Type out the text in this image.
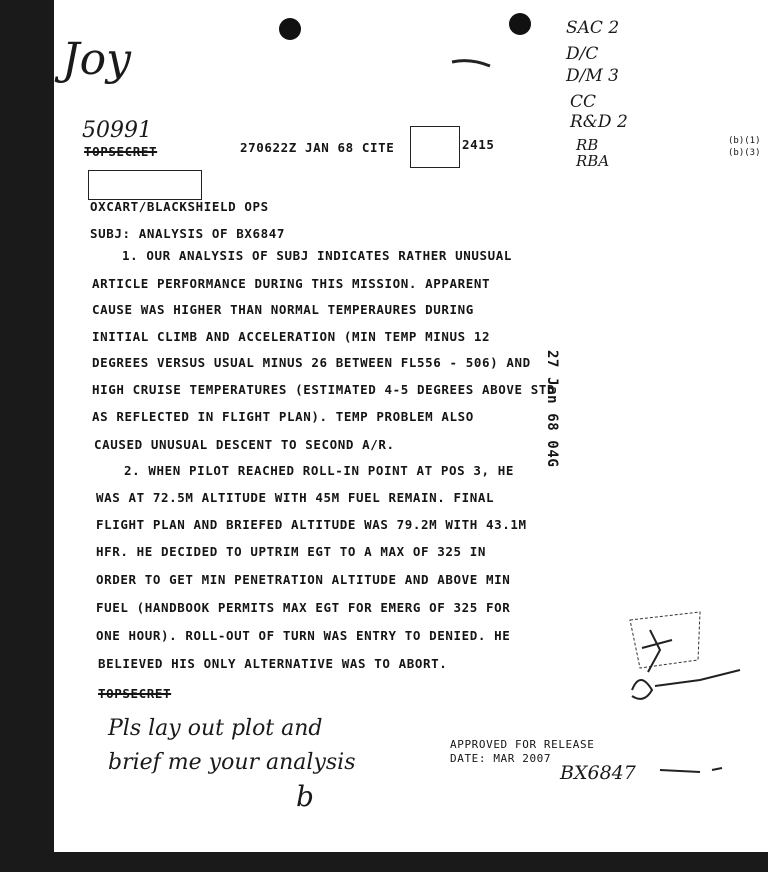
Joy
50991
SAC 2
D/C
D/M 3
CC
R&D 2
RB
RBA
(b)(1)
(b)(3)
TOPSECRET	270622Z JAN 68 CITE	2415
OXCART/BLACKSHIELD OPS
SUBJ: ANALYSIS OF BX6847
1. OUR ANALYSIS OF SUBJ INDICATES RATHER UNUSUAL
ARTICLE PERFORMANCE DURING THIS MISSION. APPARENT
CAUSE WAS HIGHER THAN NORMAL TEMPERAURES DURING
INITIAL CLIMB AND ACCELERATION (MIN TEMP MINUS 12
DEGREES VERSUS USUAL MINUS 26 BETWEEN FL556 - 506) AND
HIGH CRUISE TEMPERATURES (ESTIMATED 4-5 DEGREES ABOVE STD
AS REFLECTED IN FLIGHT PLAN). TEMP PROBLEM ALSO
CAUSED UNUSUAL DESCENT TO SECOND A/R.
2. WHEN PILOT REACHED ROLL-IN POINT AT POS 3, HE
WAS AT 72.5M ALTITUDE WITH 45M FUEL REMAIN. FINAL
FLIGHT PLAN AND BRIEFED ALTITUDE WAS 79.2M WITH 43.1M
HFR. HE DECIDED TO UPTRIM EGT TO A MAX OF 325 IN
ORDER TO GET MIN PENETRATION ALTITUDE AND ABOVE MIN
FUEL (HANDBOOK PERMITS MAX EGT FOR EMERG OF 325 FOR
ONE HOUR). ROLL-OUT OF TURN WAS ENTRY TO DENIED. HE
BELIEVED HIS ONLY ALTERNATIVE WAS TO ABORT.
TOPSECRET
27 Jan 68 04G
Pls lay out plot and
brief me your analysis
b
APPROVED FOR RELEASE
DATE: MAR 2007
BX6847
